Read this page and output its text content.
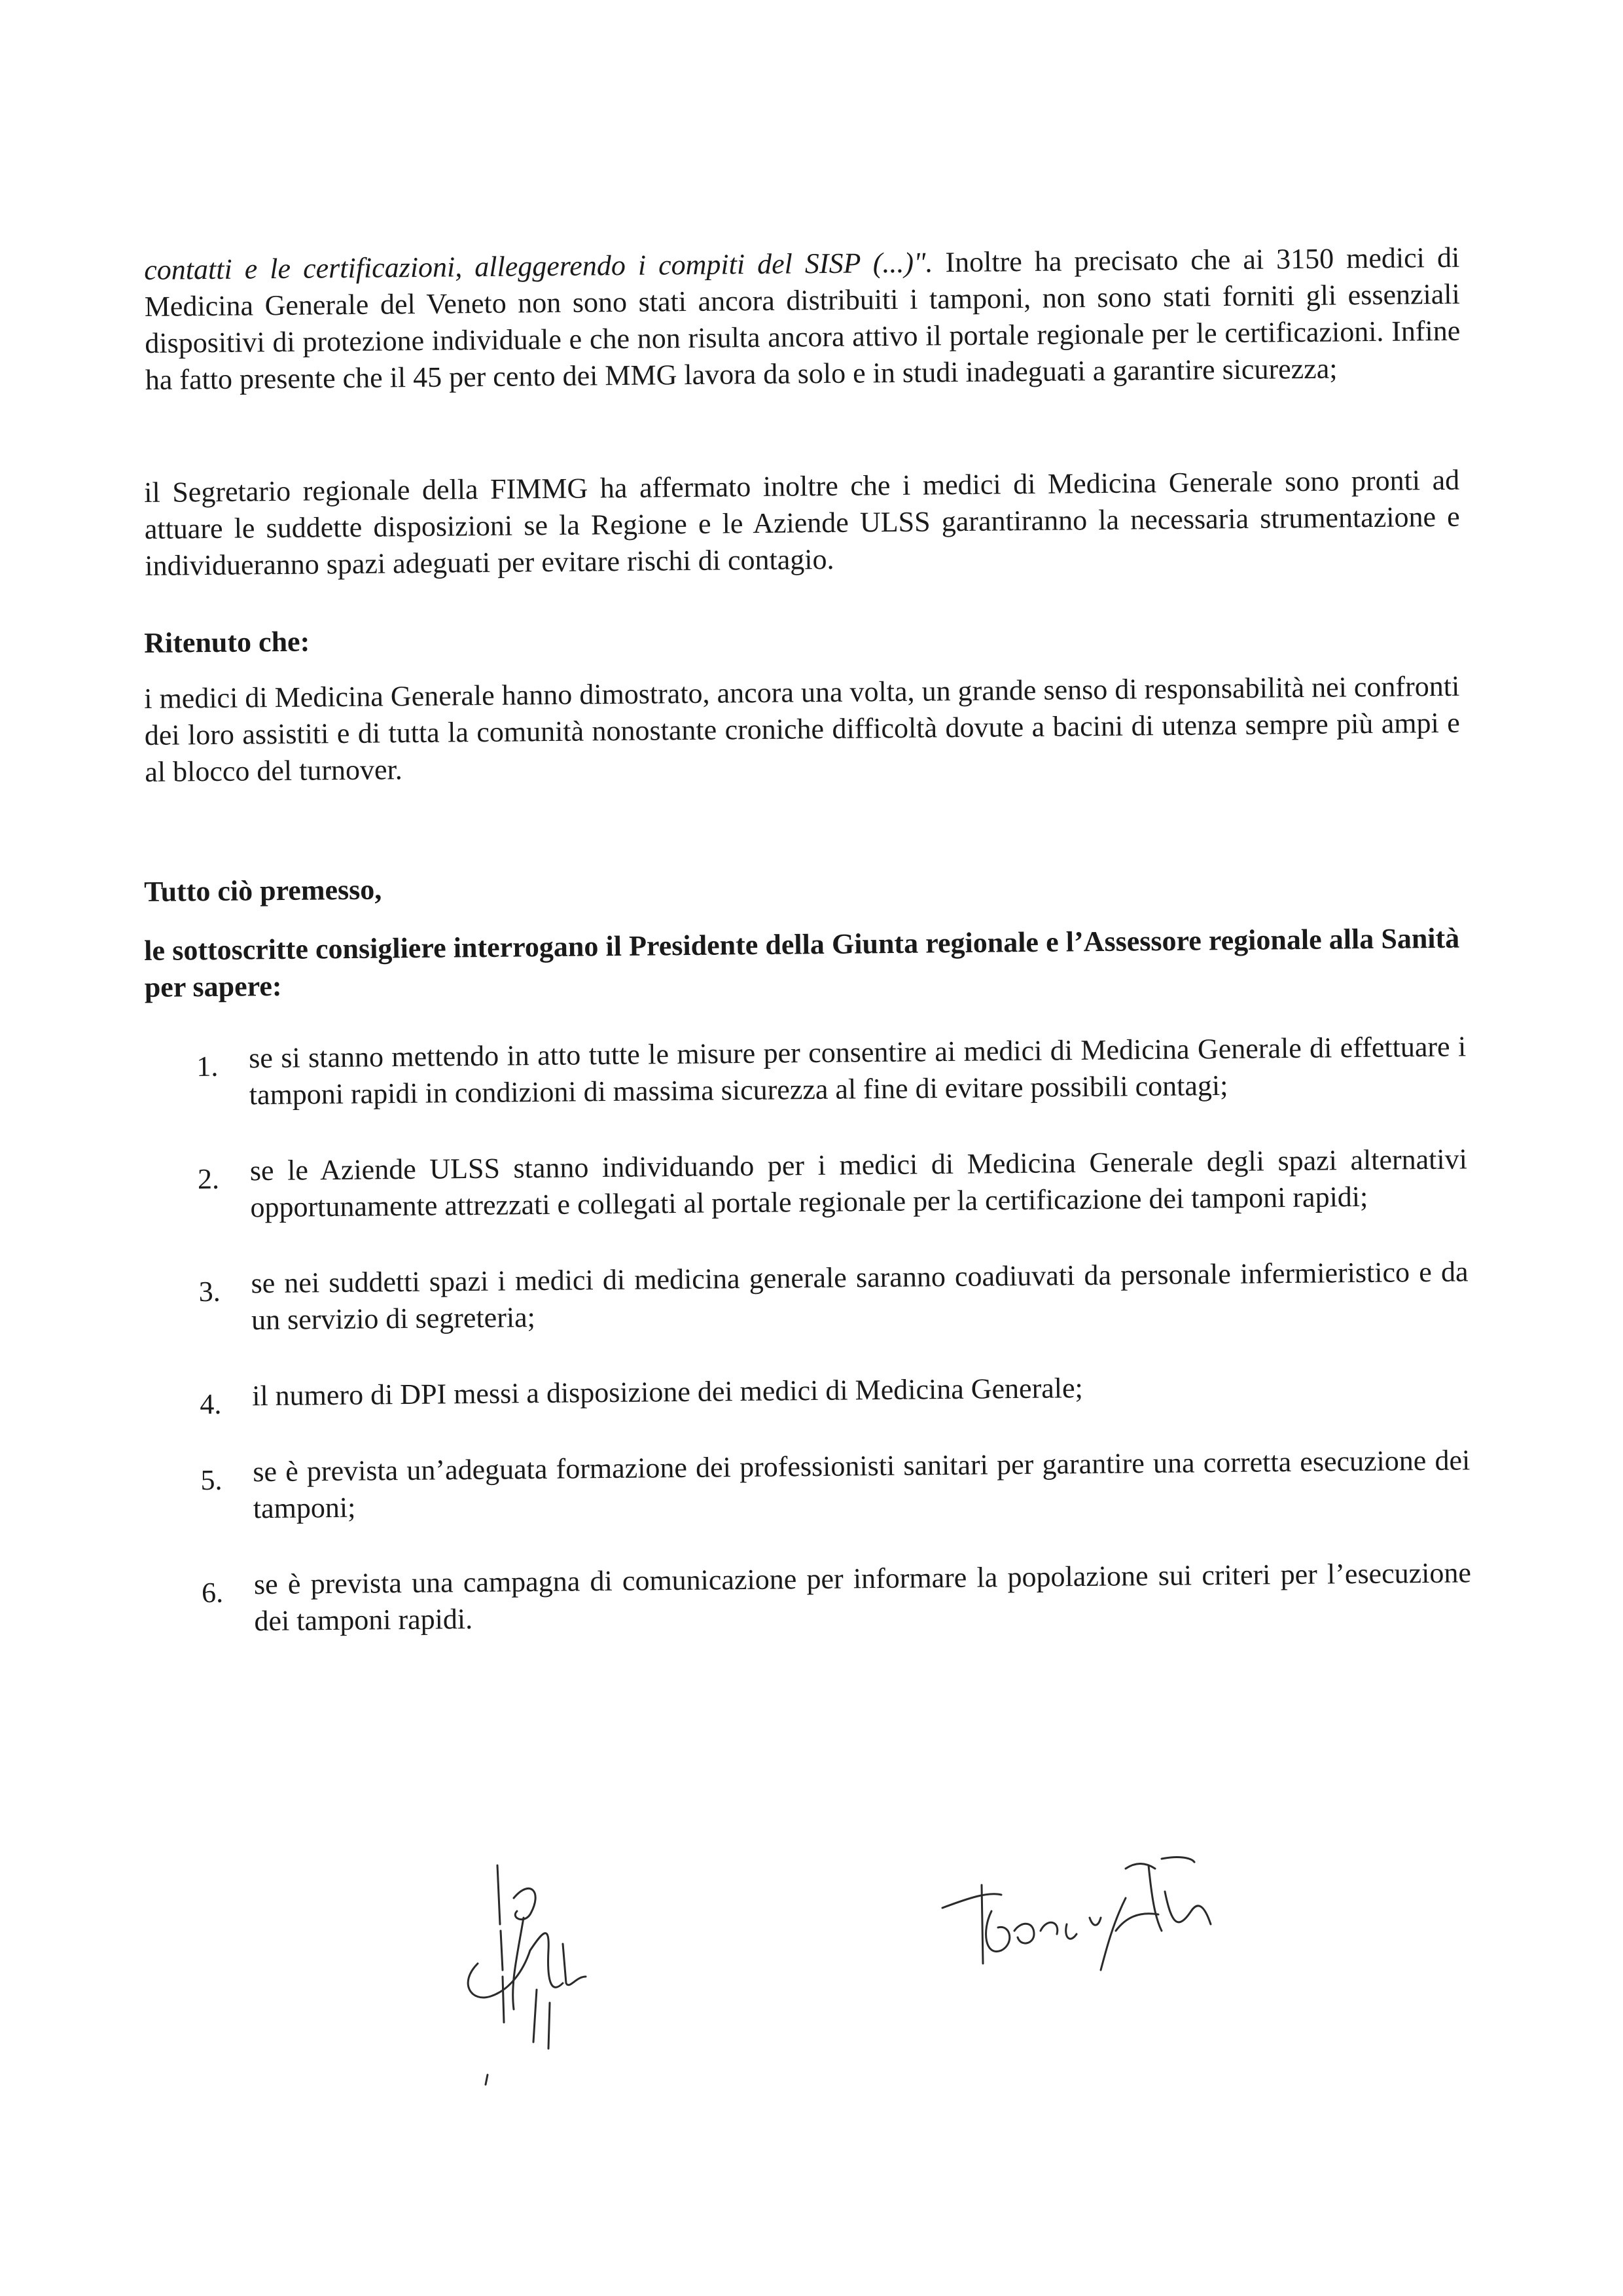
contatti e le certificazioni, alleggerendo i compiti del SISP (...)". Inoltre ha precisato che ai 3150 medici di Medicina Generale del Veneto non sono stati ancora distribuiti i tamponi, non sono stati forniti gli essenziali dispositivi di protezione individuale e che non risulta ancora attivo il portale regionale per le certificazioni. Infine ha fatto presente che il 45 per cento dei MMG lavora da solo e in studi inadeguati a garantire sicurezza;

il Segretario regionale della FIMMG ha affermato inoltre che i medici di Medicina Generale sono pronti ad attuare le suddette disposizioni se la Regione e le Aziende ULSS garantiranno la necessaria strumentazione e individueranno spazi adeguati per evitare rischi di contagio.

Ritenuto che:

i medici di Medicina Generale hanno dimostrato, ancora una volta, un grande senso di responsabilità nei confronti dei loro assistiti e di tutta la comunità nonostante croniche difficoltà dovute a bacini di utenza sempre più ampi e al blocco del turnover.

Tutto ciò premesso,

le sottoscritte consigliere interrogano il Presidente della Giunta regionale e l’Assessore regionale alla Sanità per sapere:

1. se si stanno mettendo in atto tutte le misure per consentire ai medici di Medicina Generale di effettuare i tamponi rapidi in condizioni di massima sicurezza al fine di evitare possibili contagi;
2. se le Aziende ULSS stanno individuando per i medici di Medicina Generale degli spazi alternativi opportunamente attrezzati e collegati al portale regionale per la certificazione dei tamponi rapidi;
3. se nei suddetti spazi i medici di medicina generale saranno coadiuvati da personale infermieristico e da un servizio di segreteria;
4. il numero di DPI messi a disposizione dei medici di Medicina Generale;
5. se è prevista un’adeguata formazione dei professionisti sanitari per garantire una corretta esecuzione dei tamponi;
6. se è prevista una campagna di comunicazione per informare la popolazione sui criteri per l’esecuzione dei tamponi rapidi.
